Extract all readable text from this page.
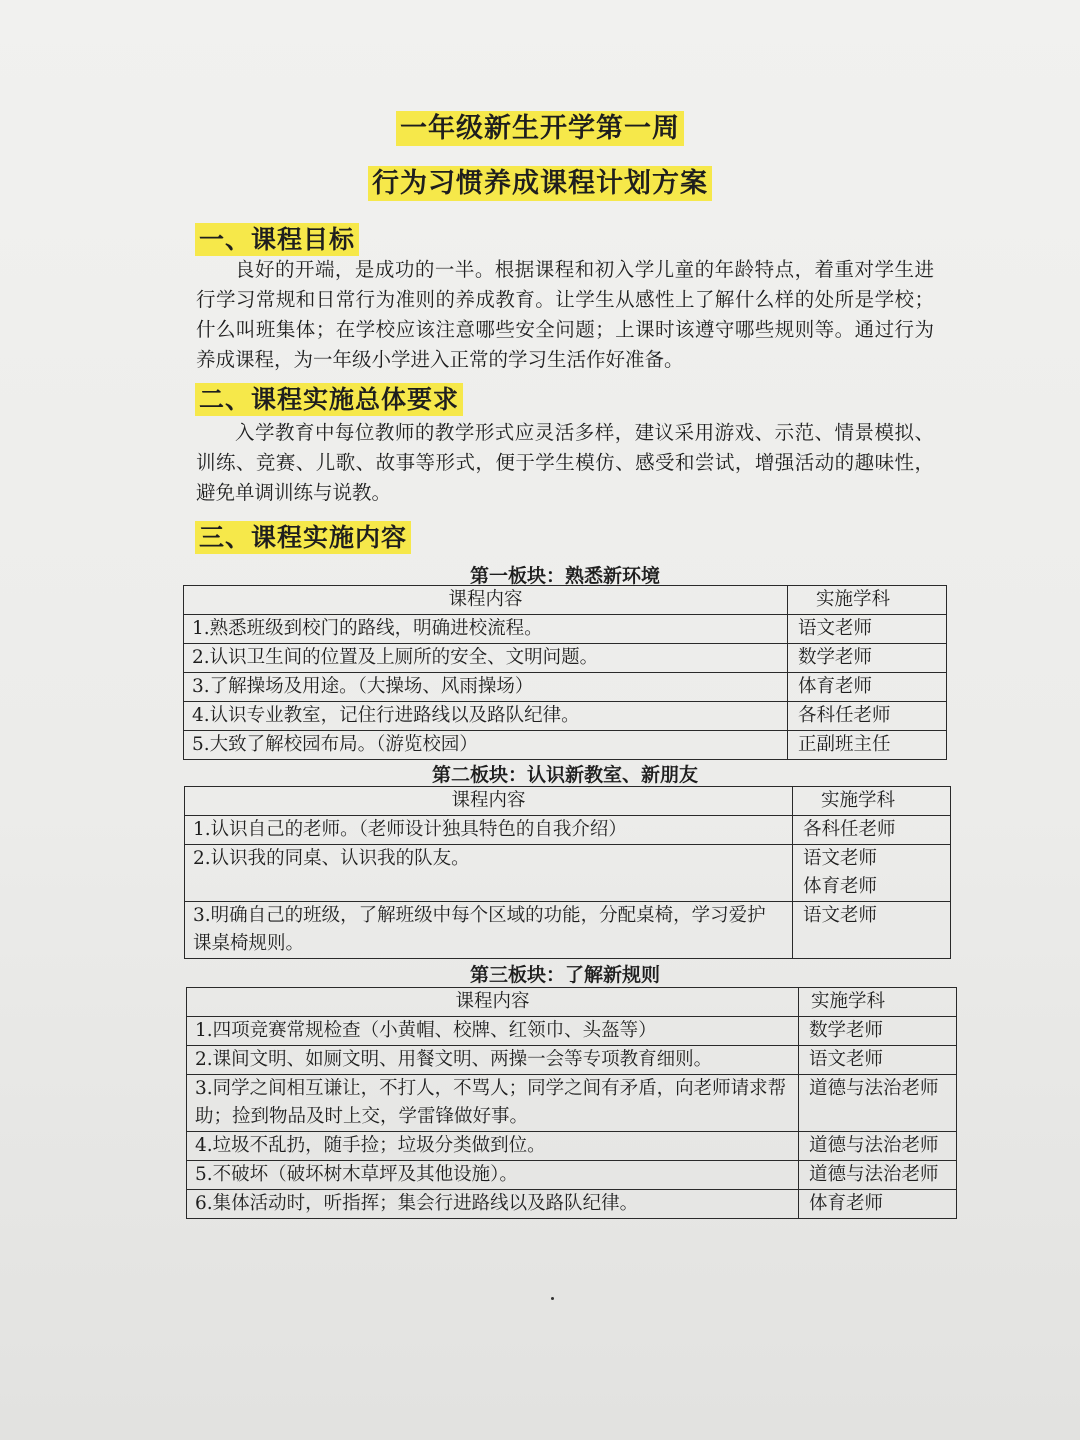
一年级新生开学第一周
行为习惯养成课程计划方案
一、课程目标

良好的开端，是成功的一半。根据课程和初入学儿童的年龄特点，着重对学生进行学习常规和日常行为准则的养成教育。让学生从感性上了解什么样的处所是学校；什么叫班集体；在学校应该注意哪些安全问题；上课时该遵守哪些规则等。通过行为养成课程，为一年级小学进入正常的学习生活作好准备。

二、课程实施总体要求

入学教育中每位教师的教学形式应灵活多样，建议采用游戏、示范、情景模拟、训练、竞赛、儿歌、故事等形式，便于学生模仿、感受和尝试，增强活动的趣味性，避免单调训练与说教。

三、课程实施内容
第一板块：熟悉新环境
课程内容	实施学科
1.熟悉班级到校门的路线，明确进校流程。	语文老师
2.认识卫生间的位置及上厕所的安全、文明问题。	数学老师
3.了解操场及用途。（大操场、风雨操场）	体育老师
4.认识专业教室，记住行进路线以及路队纪律。	各科任老师
5.大致了解校园布局。（游览校园）	正副班主任
第二板块：认识新教室、新朋友
课程内容	实施学科
1.认识自己的老师。（老师设计独具特色的自我介绍）	各科任老师
2.认识我的同桌、认识我的队友。	语文老师
体育老师

3.明确自己的班级，了解班级中每个区域的功能，分配桌椅，学习爱护课桌椅规则。	语文老师
第三板块：了解新规则
课程内容	实施学科
1.四项竞赛常规检查（小黄帽、校牌、红领巾、头盔等）	数学老师
2.课间文明、如厕文明、用餐文明、两操一会等专项教育细则。	语文老师
3.同学之间相互谦让，不打人，不骂人；同学之间有矛盾，向老师请求帮助；捡到物品及时上交，学雷锋做好事。	道德与法治老师
4.垃圾不乱扔，随手捡；垃圾分类做到位。	道德与法治老师
5.不破坏（破坏树木草坪及其他设施）。	道德与法治老师
6.集体活动时，听指挥；集会行进路线以及路队纪律。	体育老师
